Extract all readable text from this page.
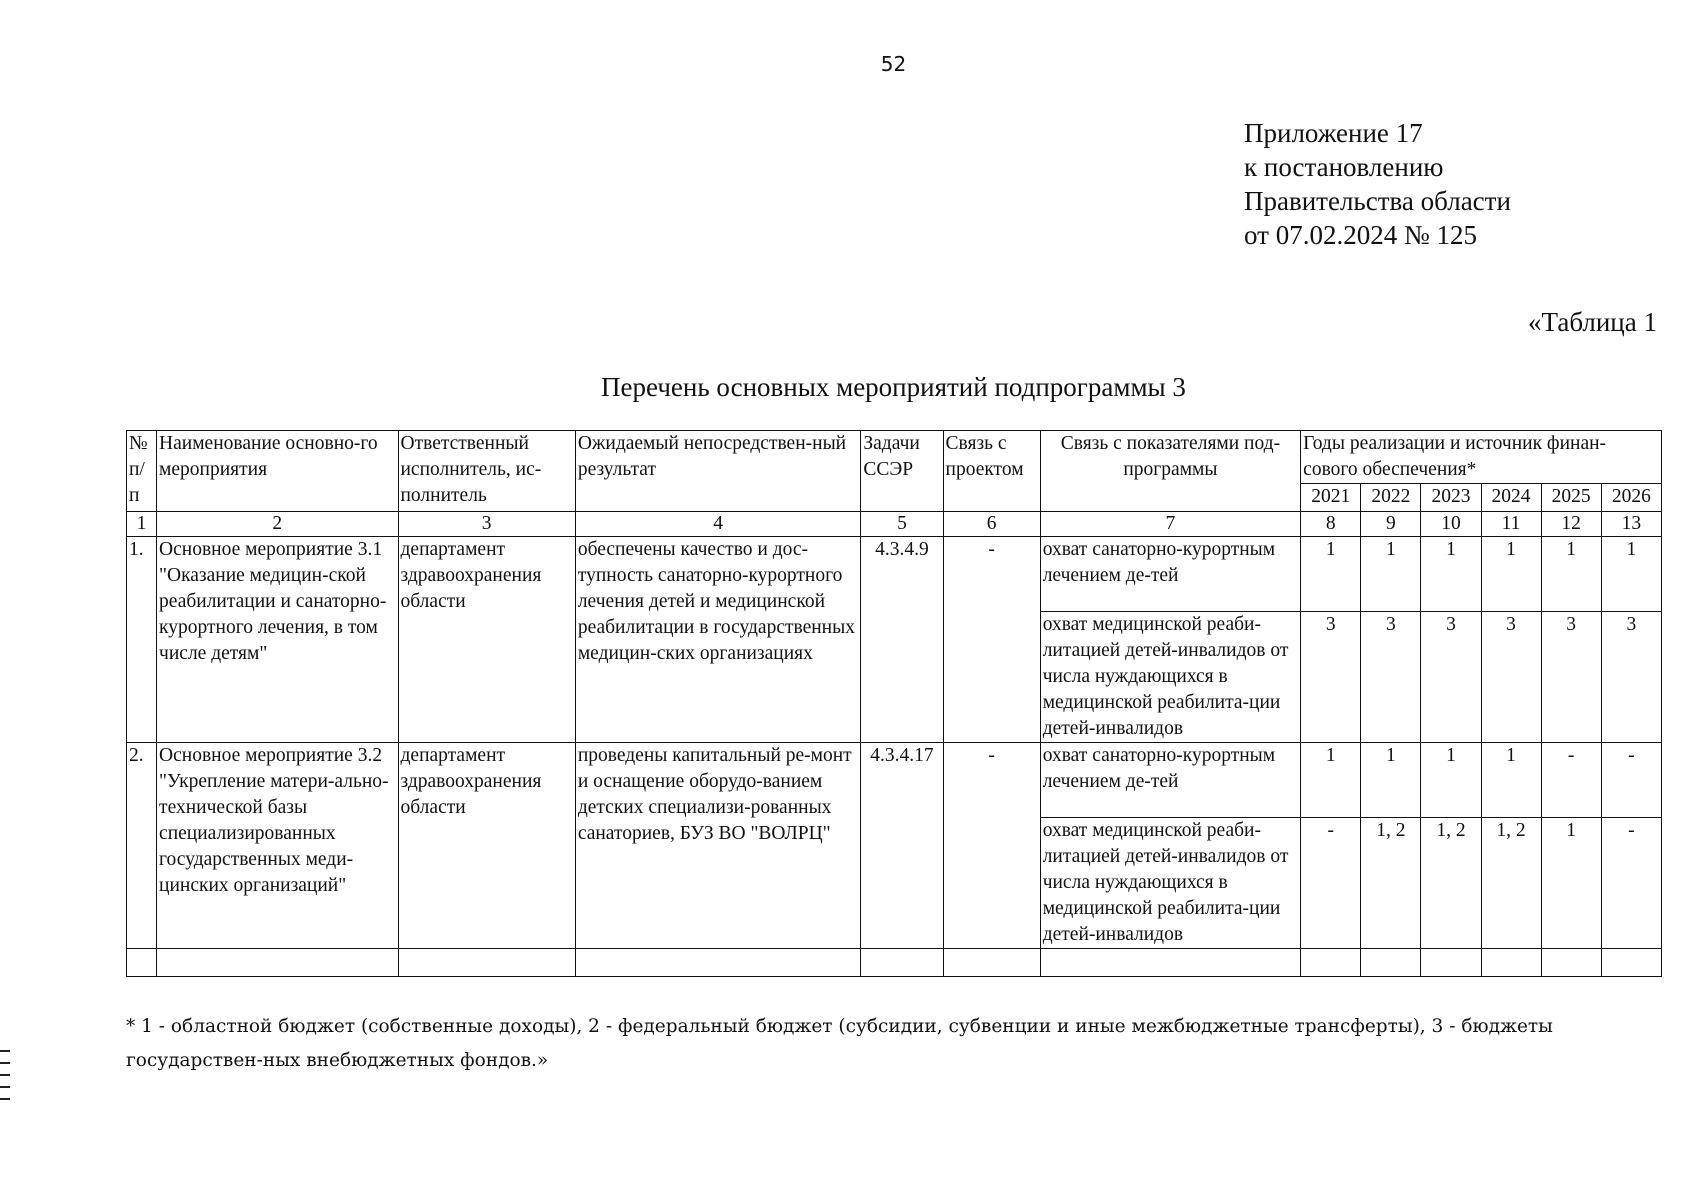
52
Приложение 17
к постановлению
Правительства области
от 07.02.2024 № 125
«Таблица 1
Перечень основных мероприятий подпрограммы 3
№ п/п	Наименование основно-го мероприятия	Ответственный исполнитель, ис-полнитель	Ожидаемый непосредствен-ный результат	Задачи ССЭР	Связь с проектом	Связь с показателями под-программы	Годы реализации и источник финан-сового обеспечения*					
							2021	2022	2023	2024	2025	2026
1	2	3	4	5	6	7	8	9	10	11	12	13
1.	Основное мероприятие 3.1 "Оказание медицин-ской реабилитации и санаторно-курортного лечения, в том числе детям"	департамент здравоохранения области	обеспечены качество и дос-тупность санаторно-курортного лечения детей и медицинской реабилитации в государственных медицин-ских организациях	4.3.4.9	-	охват санаторно-курортным лечением де-тей	1	1	1	1	1	1
						охват медицинской реаби-литацией детей-инвалидов от числа нуждающихся в медицинской реабилита-ции детей-инвалидов	3	3	3	3	3	3
2.	Основное мероприятие 3.2 "Укрепление матери-ально-технической базы специализированных государственных меди-цинских организаций"	департамент здравоохранения области	проведены капитальный ре-монт и оснащение оборудо-ванием детских специализи-рованных санаториев, БУЗ ВО "ВОЛРЦ"	4.3.4.17	-	охват санаторно-курортным лечением де-тей	1	1	1	1	-	-
						охват медицинской реаби-литацией детей-инвалидов от числа нуждающихся в медицинской реабилита-ции детей-инвалидов	-	1, 2	1, 2	1, 2	1	-

* 1 - областной бюджет (собственные доходы), 2 - федеральный бюджет (субсидии, субвенции и иные межбюджетные трансферты), 3 - бюджеты государствен-ных внебюджетных фондов.»
